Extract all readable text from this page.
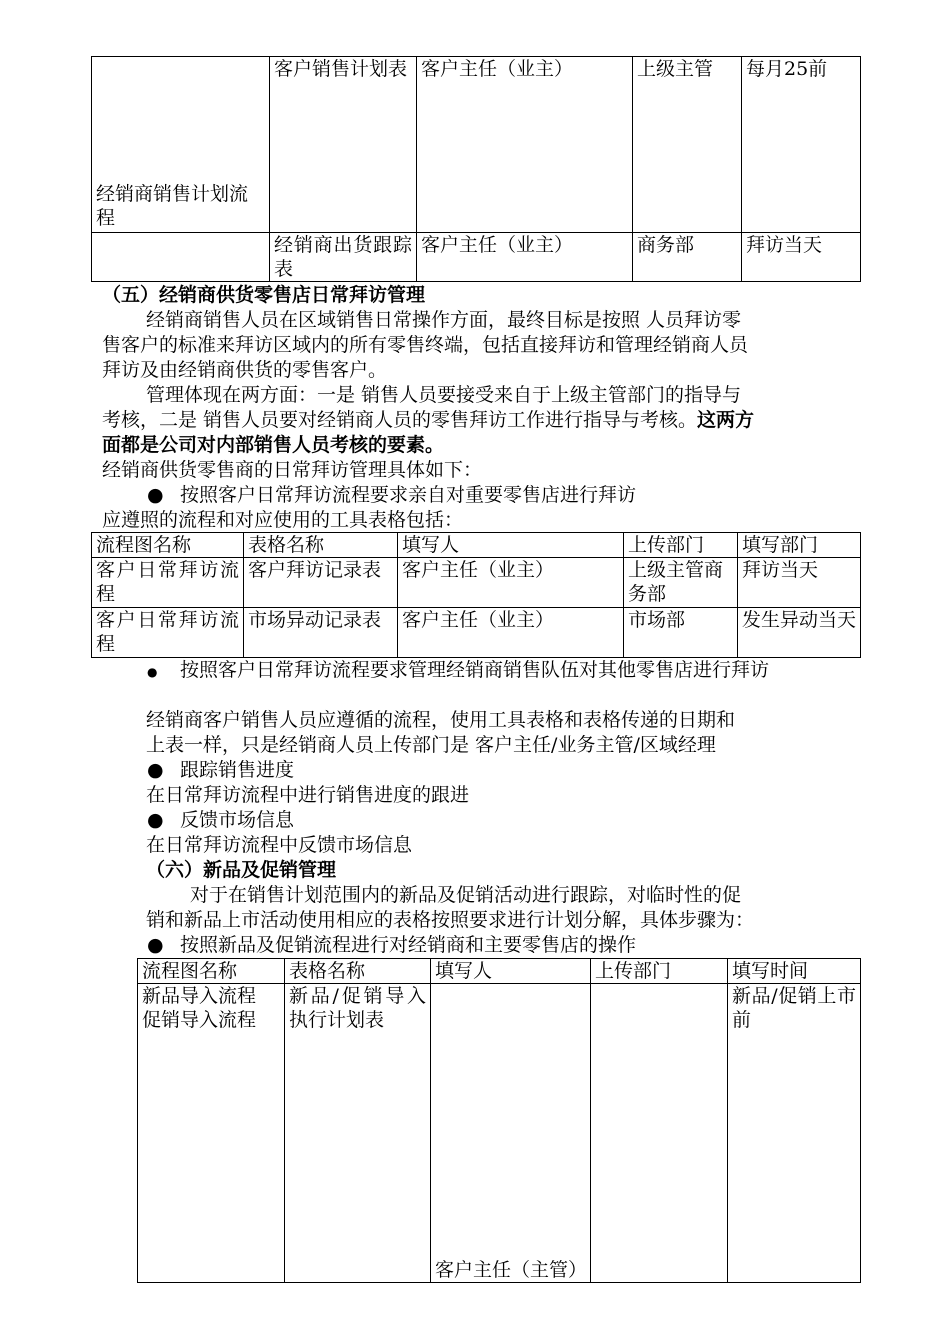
经销商销售计划流程	客户销售计划表	客户主任（业主）	上级主管	每月25前

	经销商出货跟踪表	客户主任（业主）	商务部	拜访当天
（五）经销商供货零售店日常拜访管理
经销商销售人员在区域销售日常操作方面，最终目标是按照 人员拜访零
售客户的标准来拜访区域内的所有零售终端，包括直接拜访和管理经销商人员
拜访及由经销商供货的零售客户。
管理体现在两方面：一是 销售人员要接受来自于上级主管部门的指导与
考核，二是 销售人员要对经销商人员的零售拜访工作进行指导与考核。这两方
面都是公司对内部销售人员考核的要素。
经销商供货零售商的日常拜访管理具体如下：
● 按照客户日常拜访流程要求亲自对重要零售店进行拜访
应遵照的流程和对应使用的工具表格包括：
流程图名称	表格名称	填写人	上传部门	填写部门

客户日常拜访流程	客户拜访记录表	客户主任（业主）	上级主管商务部	拜访当天

客户日常拜访流程	市场异动记录表	客户主任（业主）	市场部	发生异动当天
● 按照客户日常拜访流程要求管理经销商销售队伍对其他零售店进行拜访
经销商客户销售人员应遵循的流程，使用工具表格和表格传递的日期和
上表一样，只是经销商人员上传部门是 客户主任/业务主管/区域经理
● 跟踪销售进度
在日常拜访流程中进行销售进度的跟进
● 反馈市场信息
在日常拜访流程中反馈市场信息
（六）新品及促销管理
对于在销售计划范围内的新品及促销活动进行跟踪，对临时性的促
销和新品上市活动使用相应的表格按照要求进行计划分解，具体步骤为：
● 按照新品及促销流程进行对经销商和主要零售店的操作
流程图名称	表格名称	填写人	上传部门	填写时间

新品导入流程
促销导入流程	新品/促销导入执行计划表	客户主任（主管）		新品/促销上市前
